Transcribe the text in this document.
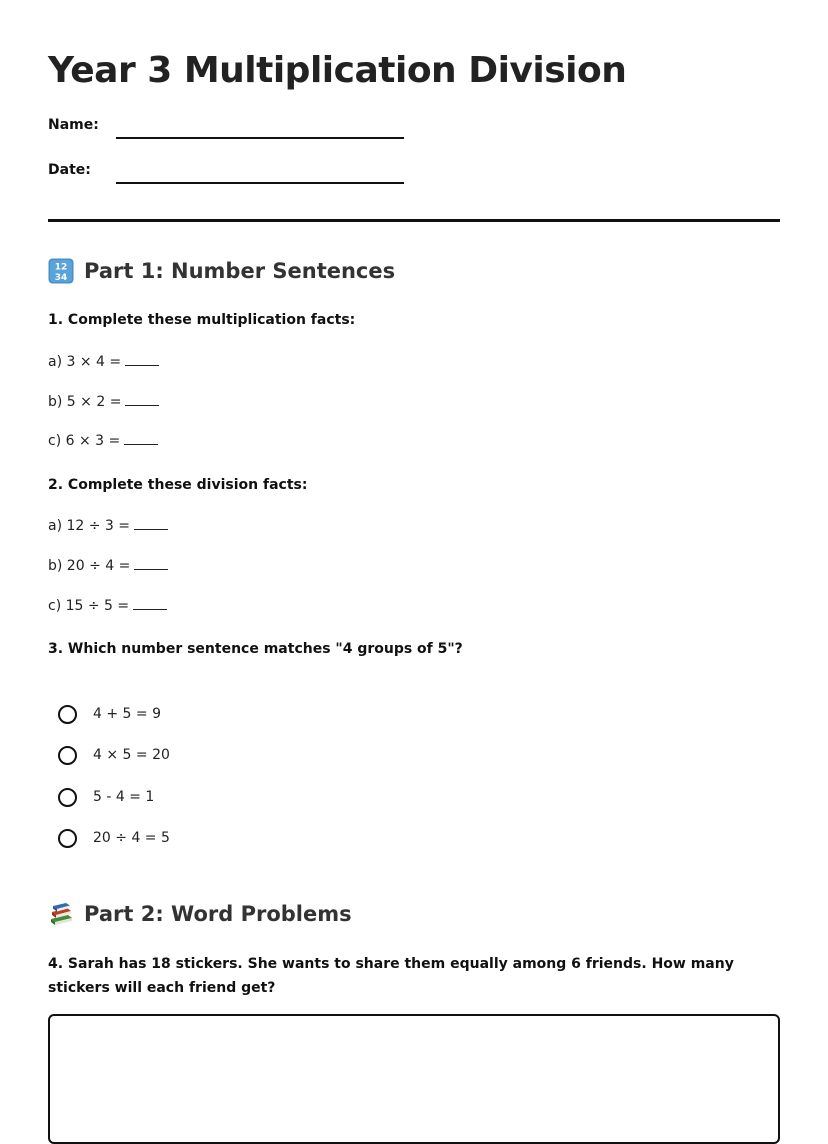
Year 3 Multiplication Division
Name:
Date:
12
34 Part 1: Number Sentences

1. Complete these multiplication facts:

a) 3 × 4 =
b) 5 × 2 =
c) 6 × 3 =

2. Complete these division facts:

a) 12 ÷ 3 =
b) 20 ÷ 4 =
c) 15 ÷ 5 =

3. Which number sentence matches "4 groups of 5"?

4 + 5 = 9
4 × 5 = 20
5 - 4 = 1
20 ÷ 4 = 5
Part 2: Word Problems

4. Sarah has 18 stickers. She wants to share them equally among 6 friends. How many stickers will each friend get?
